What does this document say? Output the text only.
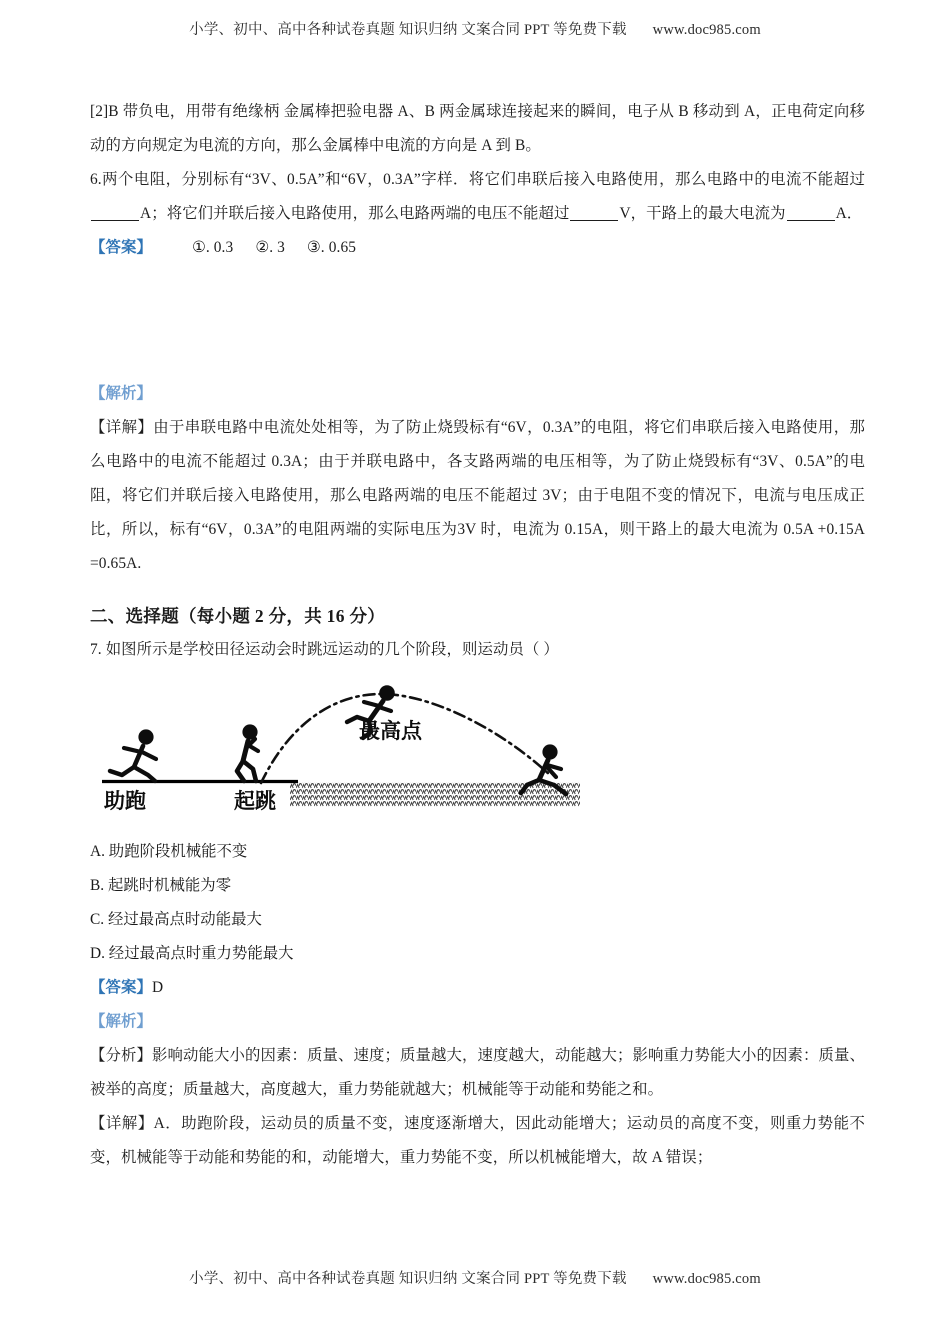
小学、初中、高中各种试卷真题 知识归纳 文案合同 PPT 等免费下载 www.doc985.com

[2]B 带负电，用带有绝缘柄 金属棒把验电器 A、B 两金属球连接起来的瞬间，电子从 B 移动到 A，正电荷定向移动的方向规定为电流的方向，那么金属棒中电流的方向是 A 到 B。

6.两个电阻，分别标有“3V、0.5A”和“6V，0.3A”字样．将它们串联后接入电路使用，那么电路中的电流不能超过A；将它们并联后接入电路使用，那么电路两端的电压不能超过	V，干路上的最大电流为	A．

【答案】	①. 0.3 ②. 3 ③. 0.65

【解析】

【详解】由于串联电路中电流处处相等，为了防止烧毁标有“6V，0.3A”的电阻，将它们串联后接入电路使用，那么电路中的电流不能超过 0.3A；由于并联电路中，各支路两端的电压相等，为了防止烧毁标有“3V、0.5A”的电阻，将它们并联后接入电路使用，那么电路两端的电压不能超过 3V；由于电阻不变的情况下，电流与电压成正比，所以，标有“6V，0.3A”的电阻两端的实际电压为3V 时，电流为 0.15A，则干路上的最大电流为 0.5A +0.15A =0.65A.

二、选择题（每小题 2 分，共 16 分）

7. 如图所示是学校田径运动会时跳远运动的几个阶段，则运动员（ ）

助跑	起跳
最高点

A. 助跑阶段机械能不变

B. 起跳时机械能为零

C. 经过最高点时动能最大

D. 经过最高点时重力势能最大

【答案】D

【解析】

【分析】影响动能大小的因素：质量、速度；质量越大，速度越大，动能越大；影响重力势能大小的因素：质量、被举的高度；质量越大，高度越大，重力势能就越大；机械能等于动能和势能之和。

【详解】A．助跑阶段，运动员的质量不变，速度逐渐增大，因此动能增大；运动员的高度不变，则重力势能不变，机械能等于动能和势能的和，动能增大，重力势能不变，所以机械能增大，故 A 错误；

小学、初中、高中各种试卷真题 知识归纳 文案合同 PPT 等免费下载 www.doc985.com
